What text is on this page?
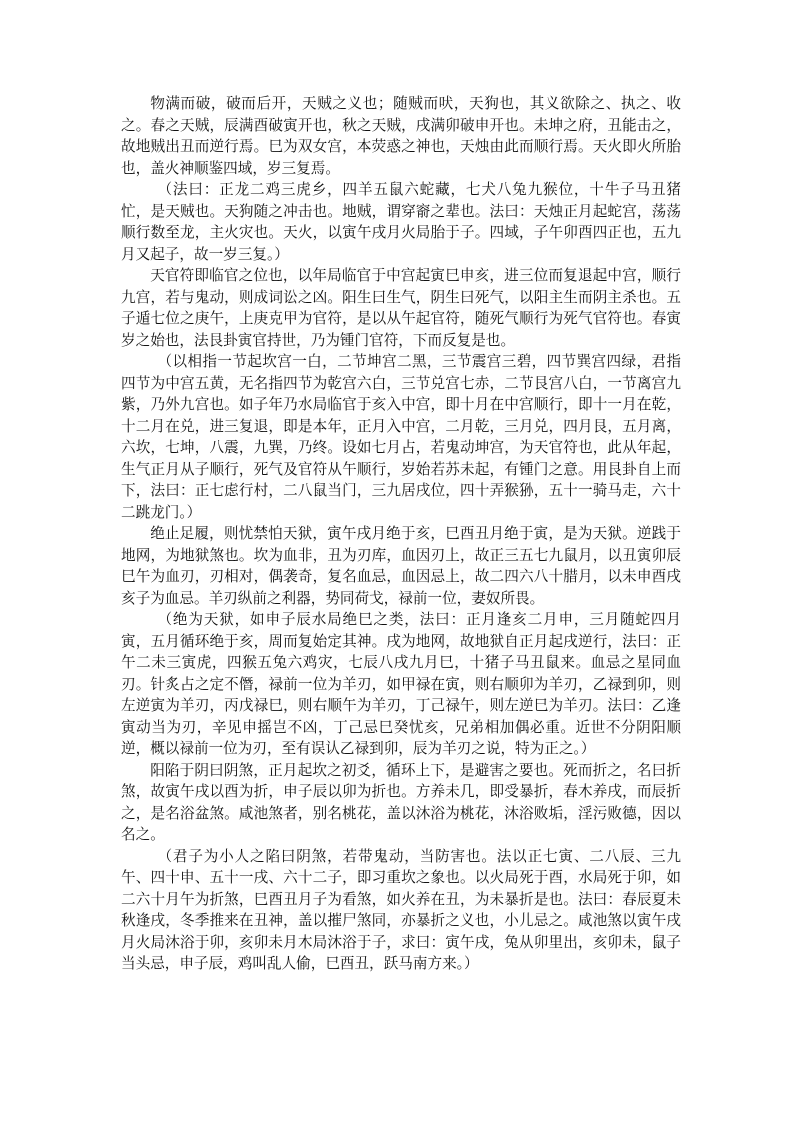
物满而破，破而后开，天贼之义也；随贼而吠，天狗也，其义欲除之、执之、收之。春之天贼，辰满酉破寅开也，秋之天贼，戌满卯破申开也。未坤之府，丑能击之，故地贼出丑而逆行焉。巳为双女宫，本荧惑之神也，天烛由此而顺行焉。天火即火所胎也，盖火神顺鉴四域，岁三复焉。

（法曰：正龙二鸡三虎乡，四羊五鼠六蛇藏，七犬八兔九猴位，十牛子马丑猪忙，是天贼也。天狗随之冲击也。地贼，谓穿窬之辈也。法曰：天烛正月起蛇宫，荡荡顺行数至龙，主火灾也。天火，以寅午戌月火局胎于子。四域，子午卯酉四正也，五九月又起子，故一岁三复。）

天官符即临官之位也，以年局临官于中宫起寅巳申亥，进三位而复退起中宫，顺行九宫，若与鬼动，则成词讼之凶。阳生曰生气，阴生曰死气，以阳主生而阴主杀也。五子遁七位之庚午，上庚克甲为官符，是以从午起官符，随死气顺行为死气官符也。春寅岁之始也，法艮卦寅官持世，乃为锺门官符，下而反复是也。

（以相指一节起坎宫一白，二节坤宫二黑，三节震宫三碧，四节巽宫四绿，君指四节为中宫五黄，无名指四节为乾宫六白，三节兑宫七赤，二节艮宫八白，一节离宫九紫，乃外九宫也。如子年乃水局临官于亥入中宫，即十月在中宫顺行，即十一月在乾，十二月在兑，进三复退，即是本年，正月入中宫，二月乾，三月兑，四月艮，五月离，六坎，七坤，八震，九巽，乃终。设如七月占，若鬼动坤宫，为天官符也，此从年起，生气正月从子顺行，死气及官符从午顺行，岁始若苏未起，有锺门之意。用艮卦自上而下，法曰：正七虑行村，二八鼠当门，三九居戌位，四十弄猴狲，五十一骑马走，六十二跳龙门。）

绝止足履，则忧禁怕天狱，寅午戌月绝于亥，巳酉丑月绝于寅，是为天狱。逆践于地网，为地狱煞也。坎为血非，丑为刃库，血因刃上，故正三五七九鼠月，以丑寅卯辰巳午为血刃，刃相对，偶袭奇，复名血忌，血因忌上，故二四六八十腊月，以未申酉戌亥子为血忌。羊刃纵前之利器，势同荷戈，禄前一位，妻奴所畏。

（绝为天狱，如申子辰水局绝巳之类，法曰：正月逢亥二月申，三月随蛇四月寅，五月循环绝于亥，周而复始定其神。戌为地网，故地狱自正月起戌逆行，法曰：正午二未三寅虎，四猴五兔六鸡灾，七辰八戌九月巳，十猪子马丑鼠来。血忌之星同血刃。针炙占之定不僭，禄前一位为羊刃，如甲禄在寅，则右顺卯为羊刃，乙禄到卯，则左逆寅为羊刃，丙戊禄巳，则右顺午为羊刃，丁己禄午，则左逆巳为羊刃。法曰：乙逢寅动当为刃，辛见申摇岂不凶，丁己忌巳癸忧亥，兄弟相加偶必重。近世不分阴阳顺逆，概以禄前一位为刃，至有误认乙禄到卯，辰为羊刃之说，特为正之。）

阳陷于阴曰阴煞，正月起坎之初爻，循环上下，是避害之要也。死而折之，名曰折煞，故寅午戌以酉为折，申子辰以卯为折也。方养未几，即受暴折，春木养戌，而辰折之，是名浴盆煞。咸池煞者，别名桃花，盖以沐浴为桃花，沐浴败垢，淫污败德，因以名之。

（君子为小人之陷曰阴煞，若带鬼动，当防害也。法以正七寅、二八辰、三九午、四十申、五十一戌、六十二子，即习重坎之象也。以火局死于酉，水局死于卯，如二六十月午为折煞，巳酉丑月子为看煞，如火养在丑，为未暴折是也。法曰：春辰夏未秋逢戌，冬季推来在丑神，盖以摧尸煞同，亦暴折之义也，小儿忌之。咸池煞以寅午戌月火局沐浴于卯，亥卯未月木局沐浴于子，求曰：寅午戌，兔从卯里出，亥卯未，鼠子当头忌，申子辰，鸡叫乱人偷，巳酉丑，跃马南方来。）
